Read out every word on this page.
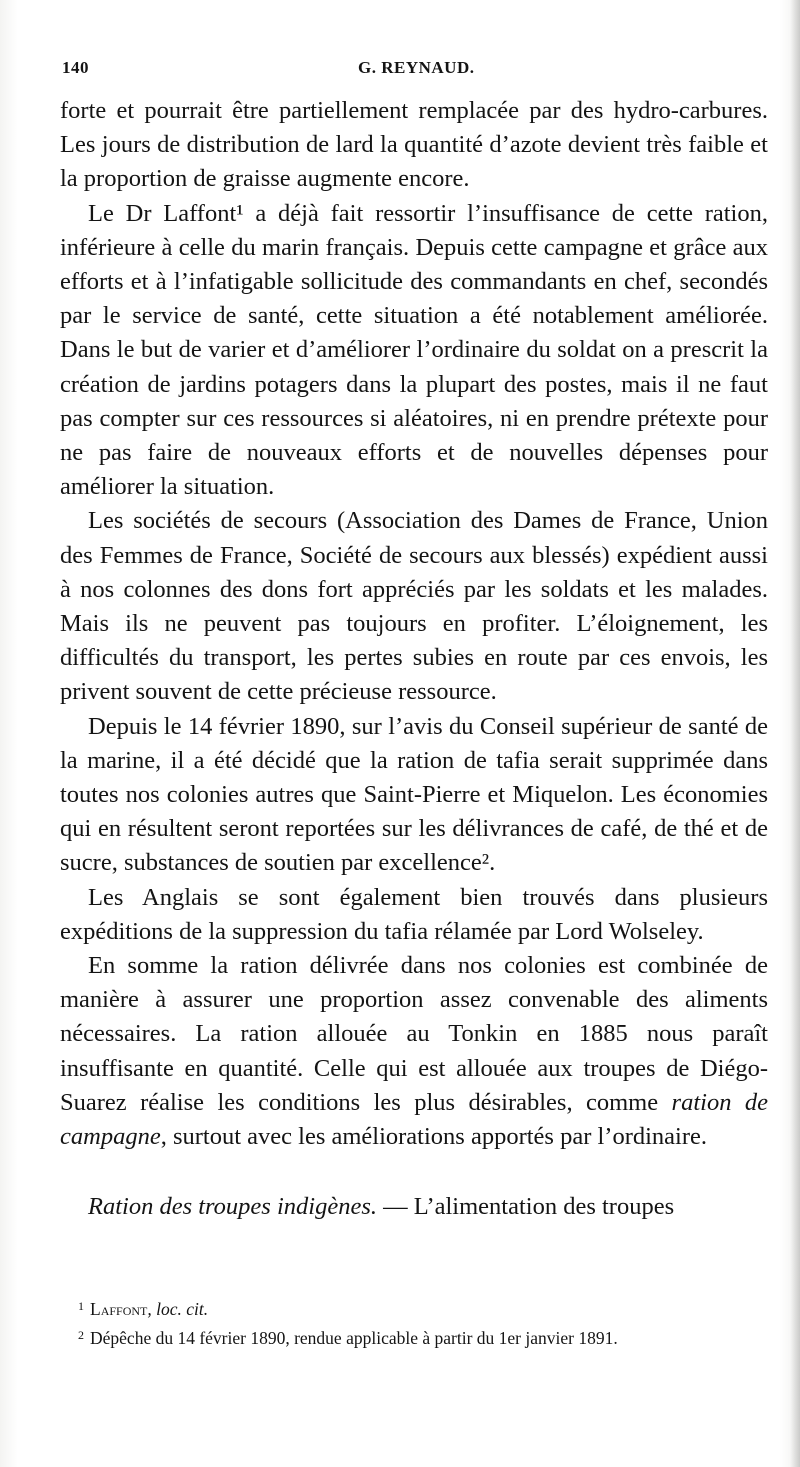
140	G. REYNAUD.

forte et pourrait être partiellement remplacée par des hydro-carbures. Les jours de distribution de lard la quantité d’azote devient très faible et la proportion de graisse augmente encore.

Le Dr Laffont¹ a déjà fait ressortir l’insuffisance de cette ration, inférieure à celle du marin français. Depuis cette campagne et grâce aux efforts et à l’infatigable sollicitude des commandants en chef, secondés par le service de santé, cette situation a été notablement améliorée. Dans le but de varier et d’améliorer l’ordinaire du soldat on a prescrit la création de jardins potagers dans la plupart des postes, mais il ne faut pas compter sur ces ressources si aléatoires, ni en prendre prétexte pour ne pas faire de nouveaux efforts et de nouvelles dépenses pour améliorer la situation.

Les sociétés de secours (Association des Dames de France, Union des Femmes de France, Société de secours aux blessés) expédient aussi à nos colonnes des dons fort appréciés par les soldats et les malades. Mais ils ne peuvent pas toujours en profiter. L’éloignement, les difficultés du transport, les pertes subies en route par ces envois, les privent souvent de cette précieuse ressource.

Depuis le 14 février 1890, sur l’avis du Conseil supérieur de santé de la marine, il a été décidé que la ration de tafia serait supprimée dans toutes nos colonies autres que Saint-Pierre et Miquelon. Les économies qui en résultent seront reportées sur les délivrances de café, de thé et de sucre, substances de soutien par excellence².

Les Anglais se sont également bien trouvés dans plusieurs expéditions de la suppression du tafia rélamée par Lord Wolseley.

En somme la ration délivrée dans nos colonies est combinée de manière à assurer une proportion assez convenable des aliments nécessaires. La ration allouée au Tonkin en 1885 nous paraît insuffisante en quantité. Celle qui est allouée aux troupes de Diégo-Suarez réalise les conditions les plus désirables, comme ration de campagne, surtout avec les améliorations apportés par l’ordinaire.

Ration des troupes indigènes. — L’alimentation des troupes

$^1$ Laffont, loc. cit.

$^2$ Dépêche du 14 février 1890, rendue applicable à partir du 1er janvier 1891.
